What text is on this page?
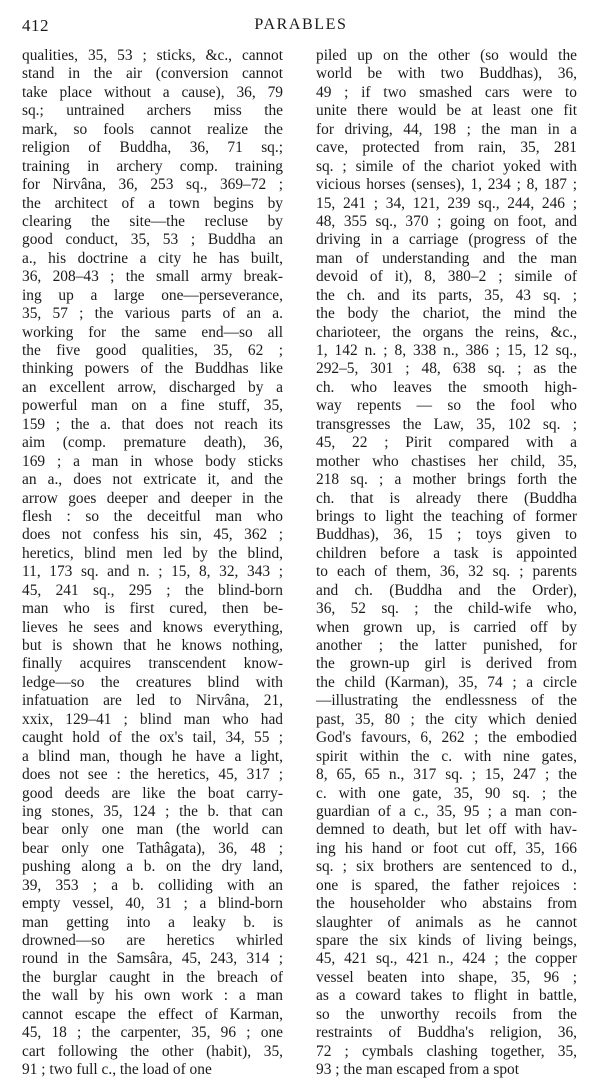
412	PARABLES
qualities, 35, 53 ; sticks, &c., cannot
stand in the air (conversion cannot
take place without a cause), 36, 79
sq.; untrained archers miss the
mark, so fools cannot realize the
religion of Buddha, 36, 71 sq.;
training in archery comp. training
for Nirvâna, 36, 253 sq., 369–72 ;
the architect of a town begins by
clearing the site—the recluse by
good conduct, 35, 53 ; Buddha an
a., his doctrine a city he has built,
36, 208–43 ; the small army break-
ing up a large one—perseverance,
35, 57 ; the various parts of an a.
working for the same end—so all
the five good qualities, 35, 62 ;
thinking powers of the Buddhas like
an excellent arrow, discharged by a
powerful man on a fine stuff, 35,
159 ; the a. that does not reach its
aim (comp. premature death), 36,
169 ; a man in whose body sticks
an a., does not extricate it, and the
arrow goes deeper and deeper in the
flesh : so the deceitful man who
does not confess his sin, 45, 362 ;
heretics, blind men led by the blind,
11, 173 sq. and n. ; 15, 8, 32, 343 ;
45, 241 sq., 295 ; the blind-born
man who is first cured, then be-
lieves he sees and knows everything,
but is shown that he knows nothing,
finally acquires transcendent know-
ledge—so the creatures blind with
infatuation are led to Nirvâna, 21,
xxix, 129–41 ; blind man who had
caught hold of the ox's tail, 34, 55 ;
a blind man, though he have a light,
does not see : the heretics, 45, 317 ;
good deeds are like the boat carry-
ing stones, 35, 124 ; the b. that can
bear only one man (the world can
bear only one Tathâgata), 36, 48 ;
pushing along a b. on the dry land,
39, 353 ; a b. colliding with an
empty vessel, 40, 31 ; a blind-born
man getting into a leaky b. is
drowned—so are heretics whirled
round in the Samsâra, 45, 243, 314 ;
the burglar caught in the breach of
the wall by his own work : a man
cannot escape the effect of Karman,
45, 18 ; the carpenter, 35, 96 ; one
cart following the other (habit), 35,
91 ; two full c., the load of one
piled up on the other (so would the
world be with two Buddhas), 36,
49 ; if two smashed cars were to
unite there would be at least one fit
for driving, 44, 198 ; the man in a
cave, protected from rain, 35, 281
sq. ; simile of the chariot yoked with
vicious horses (senses), 1, 234 ; 8, 187 ;
15, 241 ; 34, 121, 239 sq., 244, 246 ;
48, 355 sq., 370 ; going on foot, and
driving in a carriage (progress of the
man of understanding and the man
devoid of it), 8, 380–2 ; simile of
the ch. and its parts, 35, 43 sq. ;
the body the chariot, the mind the
charioteer, the organs the reins, &c.,
1, 142 n. ; 8, 338 n., 386 ; 15, 12 sq.,
292–5, 301 ; 48, 638 sq. ; as the
ch. who leaves the smooth high-
way repents — so the fool who
transgresses the Law, 35, 102 sq. ;
45, 22 ; Pirit compared with a
mother who chastises her child, 35,
218 sq. ; a mother brings forth the
ch. that is already there (Buddha
brings to light the teaching of former
Buddhas), 36, 15 ; toys given to
children before a task is appointed
to each of them, 36, 32 sq. ; parents
and ch. (Buddha and the Order),
36, 52 sq. ; the child-wife who,
when grown up, is carried off by
another ; the latter punished, for
the grown-up girl is derived from
the child (Karman), 35, 74 ; a circle
—illustrating the endlessness of the
past, 35, 80 ; the city which denied
God's favours, 6, 262 ; the embodied
spirit within the c. with nine gates,
8, 65, 65 n., 317 sq. ; 15, 247 ; the
c. with one gate, 35, 90 sq. ; the
guardian of a c., 35, 95 ; a man con-
demned to death, but let off with hav-
ing his hand or foot cut off, 35, 166
sq. ; six brothers are sentenced to d.,
one is spared, the father rejoices :
the householder who abstains from
slaughter of animals as he cannot
spare the six kinds of living beings,
45, 421 sq., 421 n., 424 ; the copper
vessel beaten into shape, 35, 96 ;
as a coward takes to flight in battle,
so the unworthy recoils from the
restraints of Buddha's religion, 36,
72 ; cymbals clashing together, 35,
93 ; the man escaped from a spot
